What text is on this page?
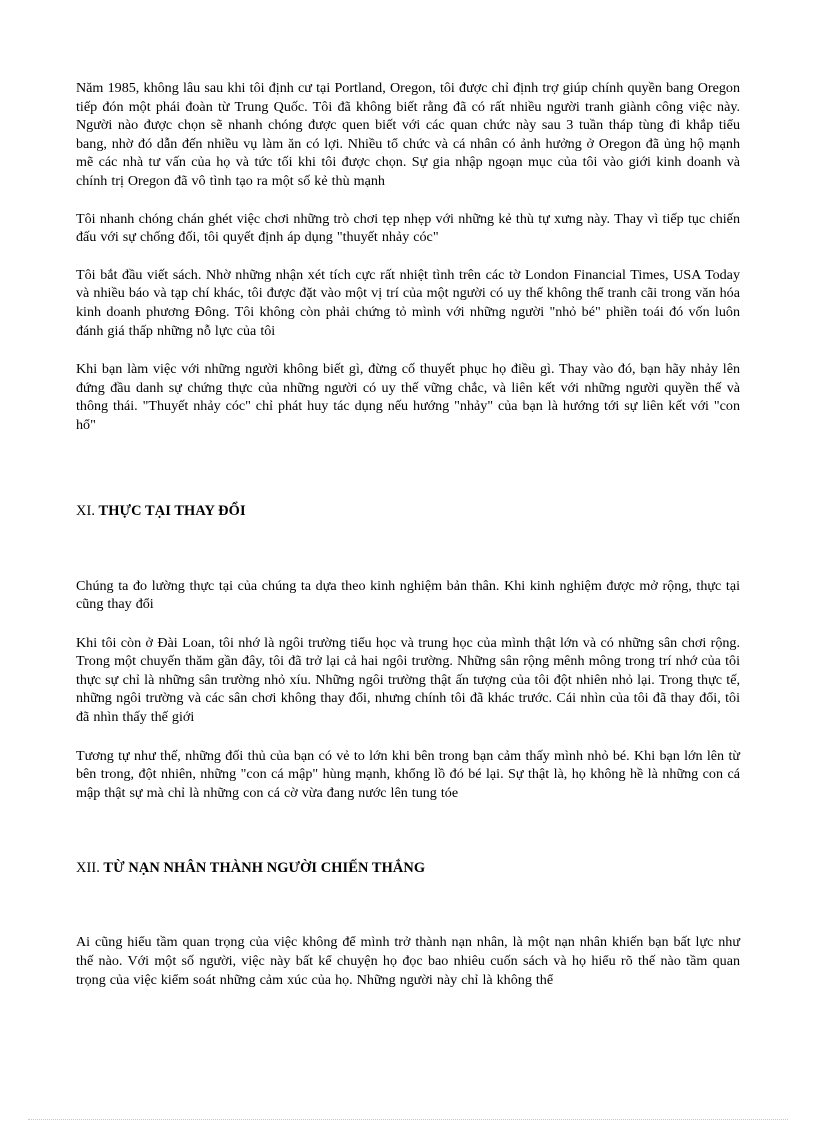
Năm 1985, không lâu sau khi tôi định cư tại Portland, Oregon, tôi được chỉ định trợ giúp chính quyền bang Oregon tiếp đón một phái đoàn từ Trung Quốc. Tôi đã không biết rằng đã có rất nhiều người tranh giành công việc này. Người nào được chọn sẽ nhanh chóng được quen biết với các quan chức này sau 3 tuần tháp tùng đi khắp tiểu bang, nhờ đó dẫn đến nhiều vụ làm ăn có lợi. Nhiều tổ chức và cá nhân có ảnh hưởng ở Oregon đã ủng hộ mạnh mẽ các nhà tư vấn của họ và tức tối khi tôi được chọn. Sự gia nhập ngoạn mục của tôi vào giới kinh doanh và chính trị Oregon đã vô tình tạo ra một số kẻ thù mạnh

Tôi nhanh chóng chán ghét việc chơi những trò chơi tẹp nhẹp với những kẻ thù tự xưng này. Thay vì tiếp tục chiến đấu với sự chống đối, tôi quyết định áp dụng "thuyết nhảy cóc"

Tôi bắt đầu viết sách. Nhờ những nhận xét tích cực rất nhiệt tình trên các tờ London Financial Times, USA Today và nhiều báo và tạp chí khác, tôi được đặt vào một vị trí của một người có uy thế không thể tranh cãi trong văn hóa kinh doanh phương Đông. Tôi không còn phải chứng tỏ mình với những người "nhỏ bé" phiền toái đó vốn luôn đánh giá thấp những nỗ lực của tôi

Khi bạn làm việc với những người không biết gì, đừng cố thuyết phục họ điều gì. Thay vào đó, bạn hãy nhảy lên đứng đầu danh sự chứng thực của những người có uy thế vững chắc, và liên kết với những người quyền thế và thông thái. "Thuyết nhảy cóc" chỉ phát huy tác dụng nếu hướng "nhảy" của bạn là hướng tới sự liên kết với "con hổ"

XI. THỰC TẠI THAY ĐỔI

Chúng ta đo lường thực tại của chúng ta dựa theo kinh nghiệm bản thân. Khi kinh nghiệm được mở rộng, thực tại cũng thay đổi

Khi tôi còn ở Đài Loan, tôi nhớ là ngôi trường tiểu học và trung học của mình thật lớn và có những sân chơi rộng. Trong một chuyến thăm gần đây, tôi đã trở lại cả hai ngôi trường. Những sân rộng mênh mông trong trí nhớ của tôi thực sự chỉ là những sân trường nhỏ xíu. Những ngôi trường thật ấn tượng của tôi đột nhiên nhỏ lại. Trong thực tế, những ngôi trường và các sân chơi không thay đổi, nhưng chính tôi đã khác trước. Cái nhìn của tôi đã thay đổi, tôi đã nhìn thấy thế giới

Tương tự như thế, những đối thủ của bạn có vẻ to lớn khi bên trong bạn cảm thấy mình nhỏ bé. Khi bạn lớn lên từ bên trong, đột nhiên, những "con cá mập" hùng mạnh, khổng lồ đó bé lại. Sự thật là, họ không hề là những con cá mập thật sự mà chỉ là những con cá cờ vừa đang nước lên tung tóe

XII. TỪ NẠN NHÂN THÀNH NGƯỜI CHIẾN THẮNG

Ai cũng hiểu tầm quan trọng của việc không để mình trở thành nạn nhân, là một nạn nhân khiến bạn bất lực như thế nào. Với một số người, việc này bất kể chuyện họ đọc bao nhiêu cuốn sách và họ hiểu rõ thế nào tầm quan trọng của việc kiểm soát những cảm xúc của họ. Những người này chỉ là không thể
